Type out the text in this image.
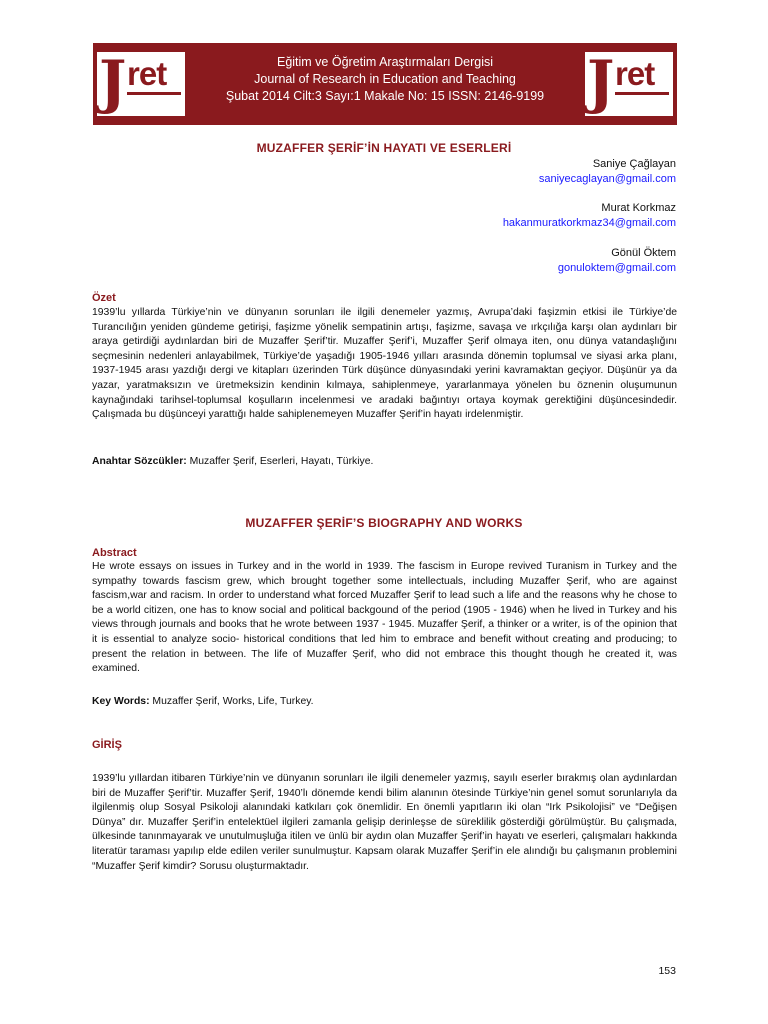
J ret	Eğitim ve Öğretim Araştırmaları Dergisi
Journal of Research in Education and Teaching
Şubat 2014 Cilt:3 Sayı:1 Makale No: 15 ISSN: 2146-9199 J ret
MUZAFFER ŞERİF’İN HAYATI VE ESERLERİ
Saniye Çağlayan
saniyecaglayan@gmail.com
Murat Korkmaz
hakanmuratkorkmaz34@gmail.com
Gönül Öktem
gonuloktem@gmail.com
Özet
1939’lu yıllarda Türkiye’nin ve dünyanın sorunları ile ilgili denemeler yazmış, Avrupa’daki faşizmin etkisi ile Türkiye’de Turancılığın yeniden gündeme getirişi, faşizme yönelik sempatinin artışı, faşizme, savaşa ve ırkçılığa karşı olan aydınları bir araya getirdiği aydınlardan biri de Muzaffer Şerif’tir. Muzaffer Şerif’i, Muzaffer Şerif olmaya iten, onu dünya vatandaşlığını seçmesinin nedenleri anlayabilmek, Türkiye’de yaşadığı 1905-1946 yılları arasında dönemin toplumsal ve siyasi arka planı, 1937-1945 arası yazdığı dergi ve kitapları üzerinden Türk düşünce dünyasındaki yerini kavramaktan geçiyor. Düşünür ya da yazar, yaratmaksızın ve üretmeksizin kendinin kılmaya, sahiplenmeye, yararlanmaya yönelen bu öznenin oluşumunun kaynağındaki tarihsel-toplumsal koşulların incelenmesi ve aradaki bağıntıyı ortaya koymak gerektiğini düşüncesindedir. Çalışmada bu düşünceyi yarattığı halde sahiplenemeyen Muzaffer Şerif’in hayatı irdelenmiştir.
Anahtar Sözcükler: Muzaffer Şerif, Eserleri, Hayatı, Türkiye.
MUZAFFER ŞERİF’S BIOGRAPHY AND WORKS
Abstract
He wrote essays on issues in Turkey and in the world in 1939. The fascism in Europe revived Turanism in Turkey and the sympathy towards fascism grew, which brought together some intellectuals, including Muzaffer Şerif, who are against fascism,war and racism. In order to understand what forced Muzaffer Şerif to lead such a life and the reasons why he chose to be a world citizen, one has to know social and political backgound of the period (1905 - 1946) when he lived in Turkey and his views through journals and books that he wrote between 1937 - 1945. Muzaffer Şerif, a thinker or a writer, is of the opinion that it is essential to analyze socio- historical conditions that led him to embrace and benefit without creating and producing; to present the relation in between. The life of Muzaffer Şerif, who did not embrace this thought though he created it, was examined.
Key Words: Muzaffer Şerif, Works, Life, Turkey.
GİRİŞ
1939’lu yıllardan itibaren Türkiye’nin ve dünyanın sorunları ile ilgili denemeler yazmış, sayılı eserler bırakmış olan aydınlardan biri de Muzaffer Şerif’tir. Muzaffer Şerif, 1940’lı dönemde kendi bilim alanının ötesinde Türkiye’nin genel somut sorunlarıyla da ilgilenmiş olup Sosyal Psikoloji alanındaki katkıları çok önemlidir. En önemli yapıtların iki olan “Irk Psikolojisi” ve “Değişen Dünya” dır. Muzaffer Şerif’in entelektüel ilgileri zamanla gelişip derinleşse de süreklilik gösterdiği görülmüştür. Bu çalışmada, ülkesinde tanınmayarak ve unutulmuşluğa itilen ve ünlü bir aydın olan Muzaffer Şerif’in hayatı ve eserleri, çalışmaları hakkında literatür taraması yapılıp elde edilen veriler sunulmuştur. Kapsam olarak Muzaffer Şerif’in ele alındığı bu çalışmanın problemini “Muzaffer Şerif kimdir? Sorusu oluşturmaktadır.
153
